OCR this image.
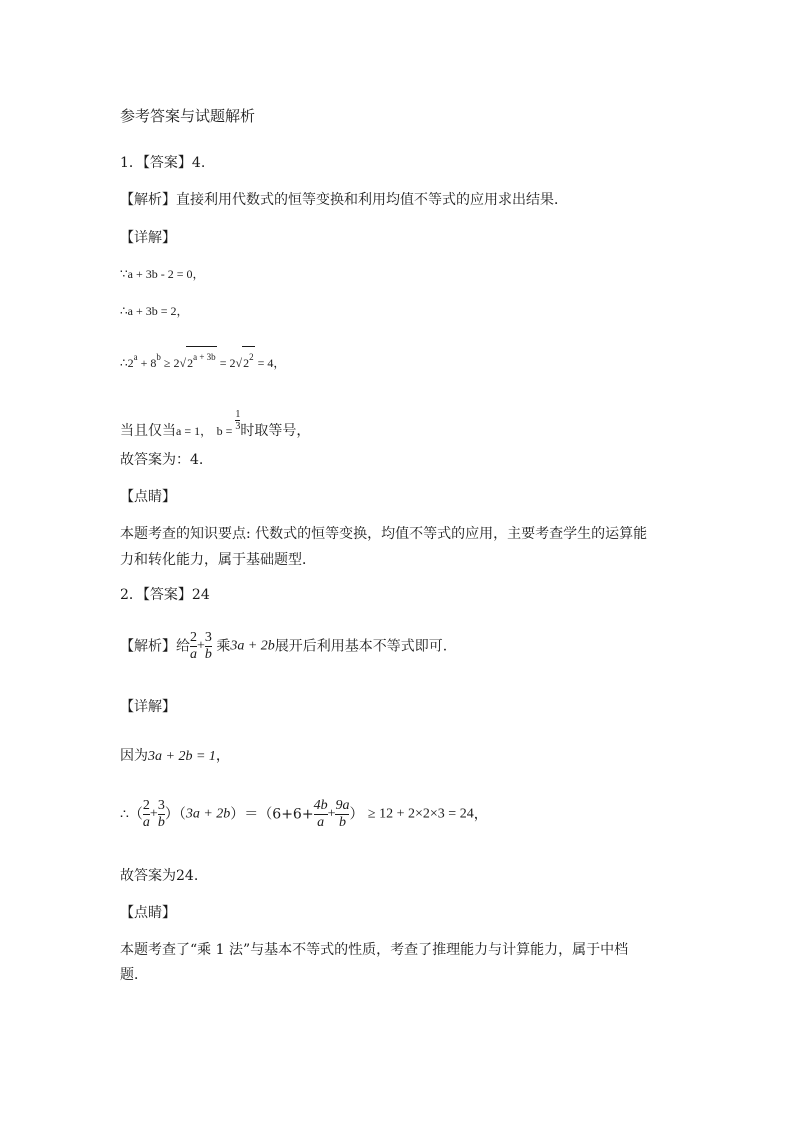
参考答案与试题解析
1．【答案】4.
【解析】直接利用代数式的恒等变换和利用均值不等式的应用求出结果．
【详解】
∵a + 3b - 2 = 0，
∴a + 3b = 2，
$\therefore 2^a + 8^b \ge 2√2^{a + 3b} = 2√2^2 = 4$，
当且仅当a = 1， $b = \frac{1}{3}$时取等号，
故答案为：4.
【点睛】
本题考查的知识要点: 代数式的恒等变换，均值不等式的应用，主要考查学生的运算能
力和转化能力，属于基础题型．
2．【答案】24
【解析】给 $\frac{2}{a} + \frac{3}{b}$ 乘3a + 2b展开后利用基本不等式即可.
【详解】
因为3a + 2b = 1，
∴（ $\frac{2}{a} + \frac{3}{b} )(3a + 2b)=(6+6+ \frac{4b}{a} + \frac{9a}{b}$ ） ≥ 12 + 2×2×3 = 24，
故答案为24.
【点睛】
本题考查了“乘 1 法”与基本不等式的性质，考查了推理能力与计算能力，属于中档
题．
